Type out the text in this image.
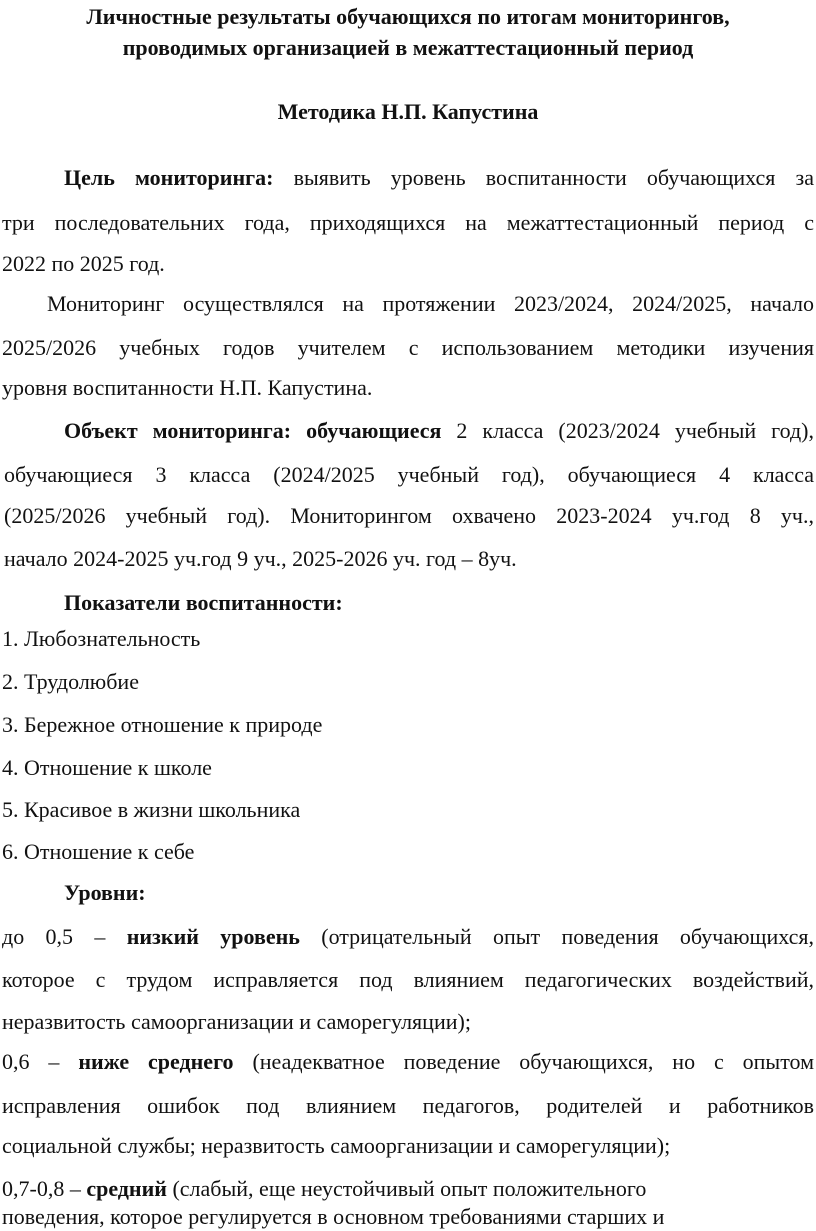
Личностные результаты обучающихся по итогам мониторингов,
проводимых организацией в межаттестационный период
Методика Н.П. Капустина
Цель мониторинга: выявить уровень воспитанности обучающихся за
три последовательних года, приходящихся на межаттестационный период с
2022 по 2025 год.
Мониторинг осуществлялся на протяжении 2023/2024, 2024/2025, начало
2025/2026 учебных годов учителем с использованием методики изучения
уровня воспитанности Н.П. Капустина.
Объект мониторинга: обучающиеся 2 класса (2023/2024 учебный год),
обучающиеся 3 класса (2024/2025 учебный год), обучающиеся 4 класса
(2025/2026 учебный год). Мониторингом охвачено 2023-2024 уч.год 8 уч.,
начало 2024-2025 уч.год 9 уч., 2025-2026 уч. год – 8уч.
Показатели воспитанности:
1. Любознательность
2. Трудолюбие
3. Бережное отношение к природе
4. Отношение к школе
5. Красивое в жизни школьника
6. Отношение к себе
Уровни:
до 0,5 – низкий уровень (отрицательный опыт поведения обучающихся,
которое с трудом исправляется под влиянием педагогических воздействий,
неразвитость самоорганизации и саморегуляции);
0,6 – ниже среднего (неадекватное поведение обучающихся, но с опытом
исправления ошибок под влиянием педагогов, родителей и работников
социальной службы; неразвитость самоорганизации и саморегуляции);
0,7-0,8 – средний (слабый, еще неустойчивый опыт положительного
поведения, которое регулируется в основном требованиями старших и
